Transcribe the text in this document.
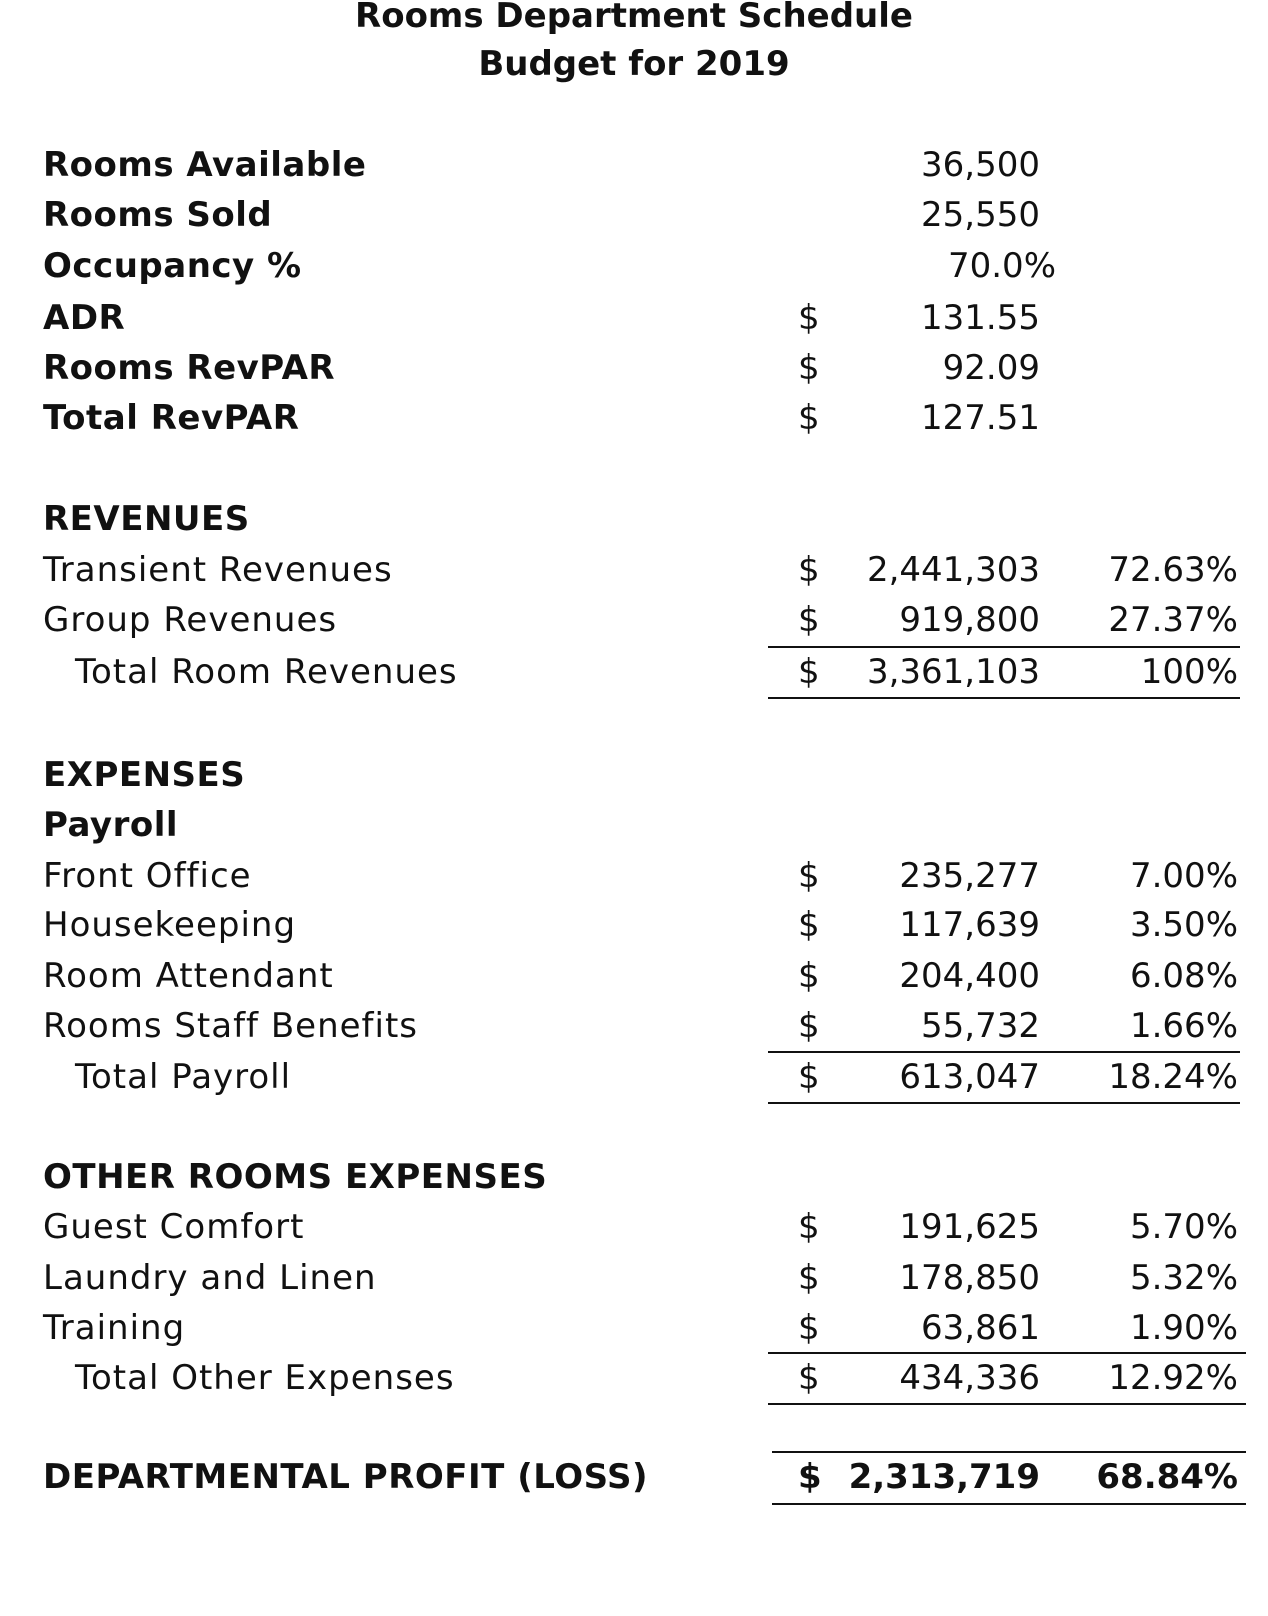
Rooms Department Schedule
Budget for 2019
Rooms Available	36,500
Rooms Sold	25,550
Occupancy %	70.0%
ADR	$	131.55
Rooms RevPAR	$	92.09
Total RevPAR	$	127.51
REVENUES
Transient Revenues	$ 2,441,303 72.63%
Group Revenues	$ 919,800 27.37%
Total Room Revenues	$ 3,361,103	100%
EXPENSES
Payroll
Front Office	$ 235,277	7.00%
Housekeeping	$ 117,639	3.50%
Room Attendant	$ 204,400	6.08%
Rooms Staff Benefits	$	55,732	1.66%
Total Payroll	$ 613,047 18.24%
OTHER ROOMS EXPENSES
Guest Comfort	$ 191,625	5.70%
Laundry and Linen	$ 178,850	5.32%
Training	$	63,861	1.90%
Total Other Expenses	$ 434,336 12.92%
DEPARTMENTAL PROFIT (LOSS)	$ 2,313,719 68.84%
